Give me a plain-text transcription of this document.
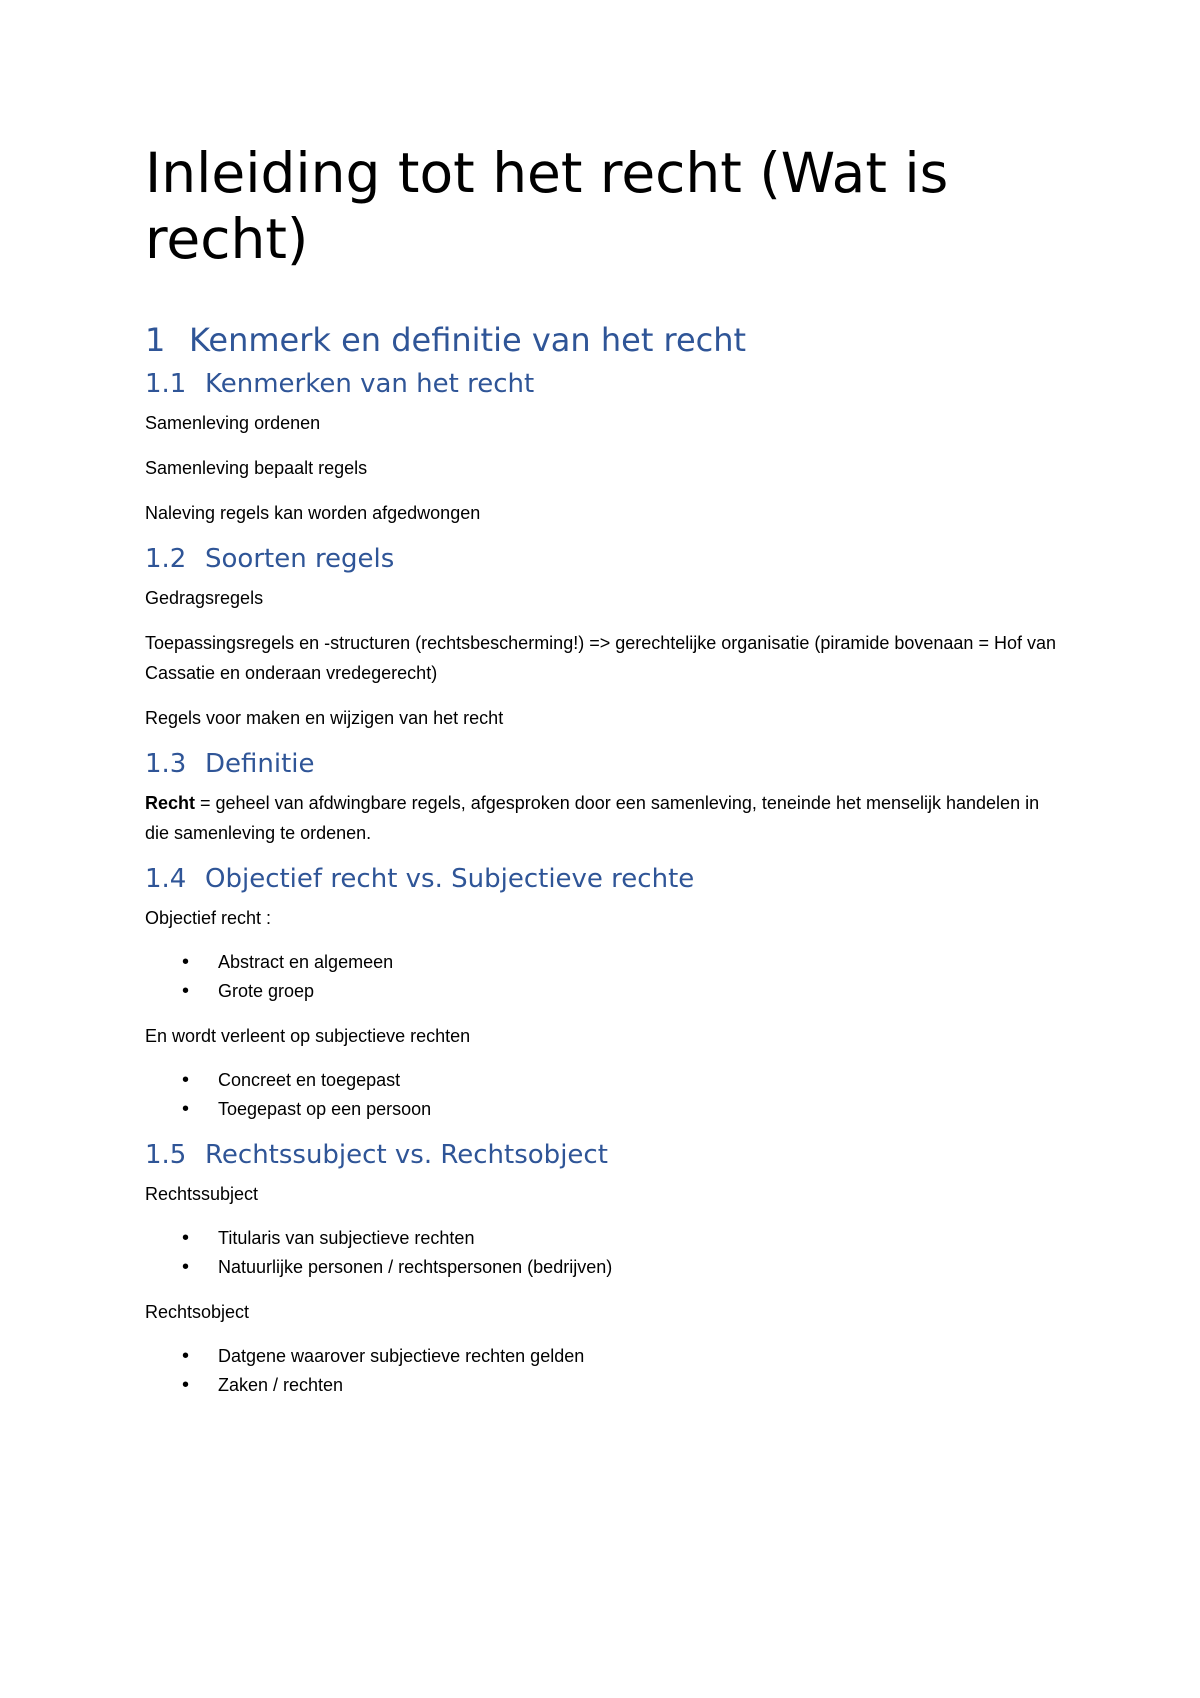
Inleiding tot het recht (Wat is recht)
1 Kenmerk en definitie van het recht
1.1 Kenmerken van het recht

Samenleving ordenen

Samenleving bepaalt regels

Naleving regels kan worden afgedwongen

1.2 Soorten regels

Gedragsregels

Toepassingsregels en -structuren (rechtsbescherming!) => gerechtelijke organisatie (piramide bovenaan = Hof van Cassatie en onderaan vredegerecht)

Regels voor maken en wijzigen van het recht

1.3 Definitie

Recht = geheel van afdwingbare regels, afgesproken door een samenleving, teneinde het menselijk handelen in die samenleving te ordenen.

1.4 Objectief recht vs. Subjectieve rechte

Objectief recht :

• Abstract en algemeen
• Grote groep

En wordt verleent op subjectieve rechten

• Concreet en toegepast
• Toegepast op een persoon
1.5 Rechtssubject vs. Rechtsobject

Rechtssubject

• Titularis van subjectieve rechten
• Natuurlijke personen / rechtspersonen (bedrijven)

Rechtsobject

• Datgene waarover subjectieve rechten gelden
• Zaken / rechten
